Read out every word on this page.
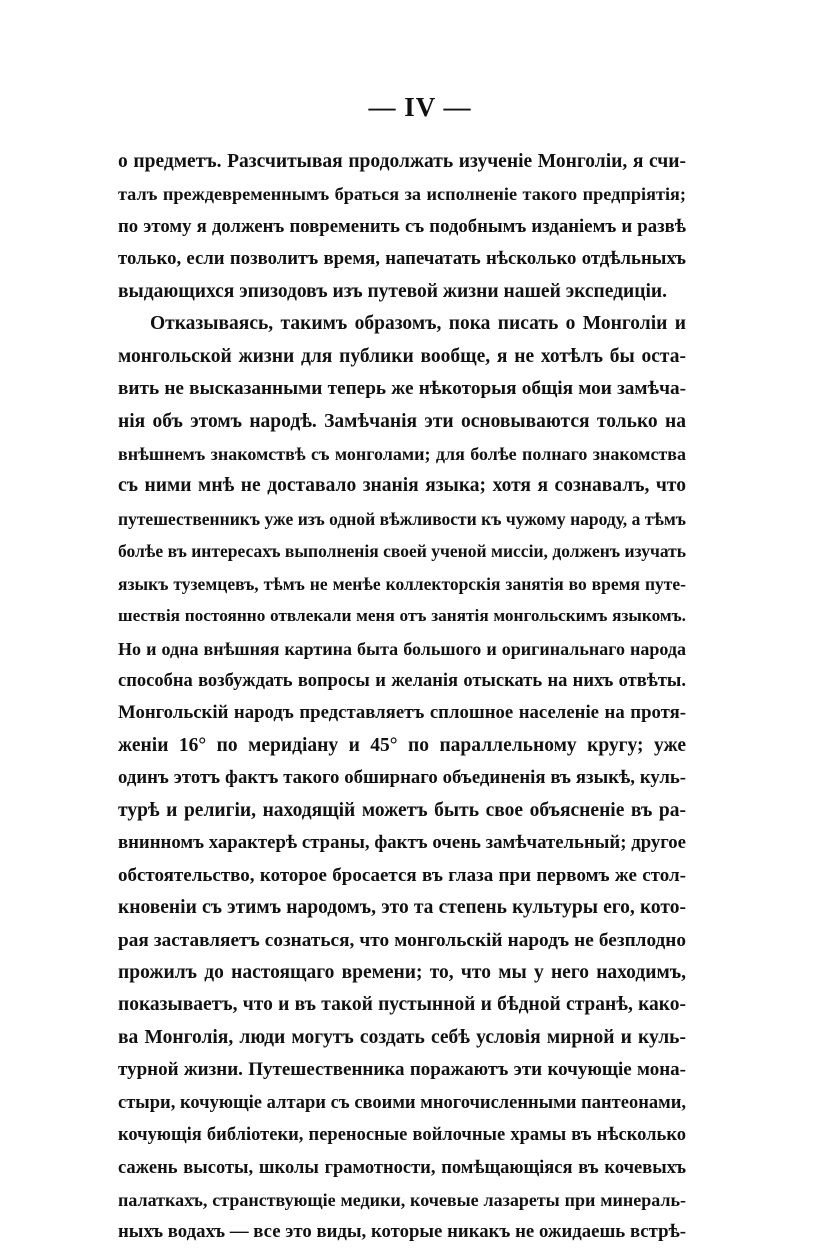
— IV —
о предметъ. Разсчитывая продолжать изученіе Монголіи, я счи-
талъ преждевременнымъ браться за исполненіе такого предпріятія;
по этому я долженъ повременить съ подобнымъ изданіемъ и развѣ
только, если позволитъ время, напечатать нѣсколько отдѣльныхъ
выдающихся эпизодовъ изъ путевой жизни нашей экспедиціи.
Отказываясь, такимъ образомъ, пока писать о Монголіи и
монгольской жизни для публики вообще, я не хотѣлъ бы оста-
вить не высказанными теперь же нѣкоторыя общія мои замѣча-
нія объ этомъ народѣ. Замѣчанія эти основываются только на
внѣшнемъ знакомствѣ съ монголами; для болѣе полнаго знакомства
съ ними мнѣ не доставало знанія языка; хотя я сознавалъ, что
путешественникъ уже изъ одной вѣжливости къ чужому народу, а тѣмъ
болѣе въ интересахъ выполненія своей ученой миссіи, долженъ изучать
языкъ туземцевъ, тѣмъ не менѣе коллекторскія занятія во время путе-
шествія постоянно отвлекали меня отъ занятія монгольскимъ языкомъ.
Но и одна внѣшняя картина быта большого и оригинальнаго народа
способна возбуждать вопросы и желанія отыскать на нихъ отвѣты.
Монгольскій народъ представляетъ сплошное населеніе на протя-
женіи 16° по меридіану и 45° по параллельному кругу; уже
одинъ этотъ фактъ такого обширнаго объединенія въ языкѣ, куль-
турѣ и религіи, находящій можетъ быть свое объясненіе въ ра-
внинномъ характерѣ страны, фактъ очень замѣчательный; другое
обстоятельство, которое бросается въ глаза при первомъ же стол-
кновеніи съ этимъ народомъ, это та степень культуры его, кото-
рая заставляетъ сознаться, что монгольскій народъ не безплодно
прожилъ до настоящаго времени; то, что мы у него находимъ,
показываетъ, что и въ такой пустынной и бѣдной странѣ, како-
ва Монголія, люди могутъ создать себѣ условія мирной и куль-
турной жизни. Путешественника поражаютъ эти кочующіе мона-
стыри, кочующіе алтари съ своими многочисленными пантеонами,
кочующія библіотеки, переносные войлочные храмы въ нѣсколько
сажень высоты, школы грамотности, помѣщающіяся въ кочевыхъ
палаткахъ, странствующіе медики, кочевые лазареты при минераль-
ныхъ водахъ — все это виды, которые никакъ не ожидаешь встрѣ-
